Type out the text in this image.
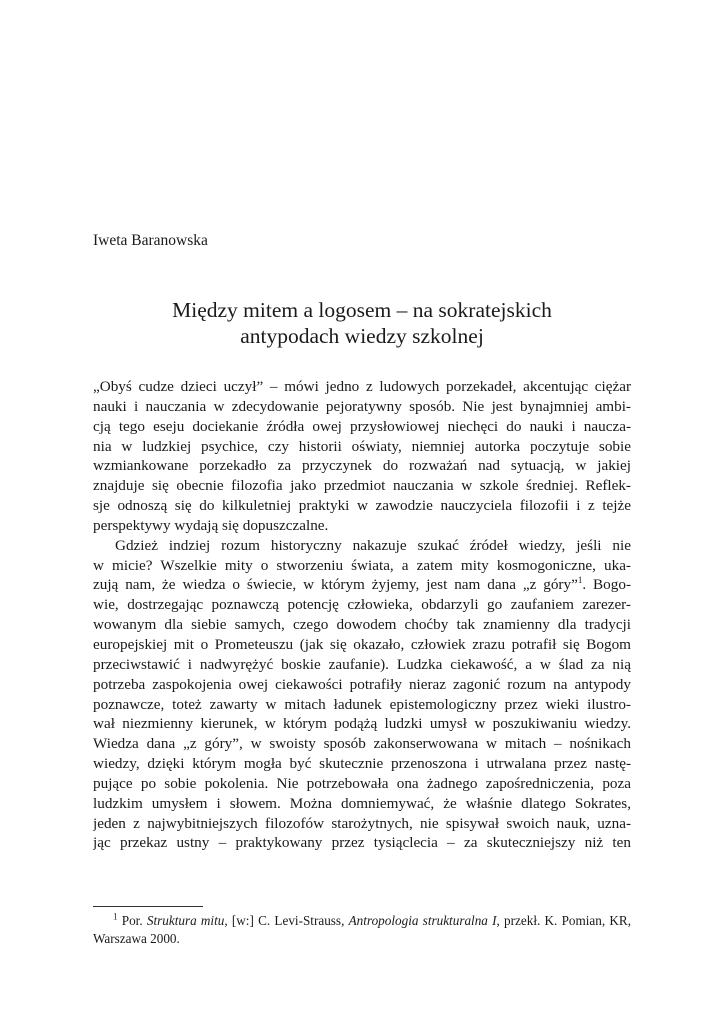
Iweta Baranowska

Między mitem a logosem – na sokratejskich
antypodach wiedzy szkolnej
„Obyś cudze dzieci uczył” – mówi jedno z ludowych porzekadeł, akcentując ciężar
nauki i nauczania w zdecydowanie pejoratywny sposób. Nie jest bynajmniej ambi-
cją tego eseju dociekanie źródła owej przysłowiowej niechęci do nauki i naucza-
nia w ludzkiej psychice, czy historii oświaty, niemniej autorka poczytuje sobie
wzmiankowane porzekadło za przyczynek do rozważań nad sytuacją, w jakiej
znajduje się obecnie filozofia jako przedmiot nauczania w szkole średniej. Reflek-
sje odnoszą się do kilkuletniej praktyki w zawodzie nauczyciela filozofii i z tejże
perspektywy wydają się dopuszczalne.
Gdzież indziej rozum historyczny nakazuje szukać źródeł wiedzy, jeśli nie
w micie? Wszelkie mity o stworzeniu świata, a zatem mity kosmogoniczne, uka-
zują nam, że wiedza o świecie, w którym żyjemy, jest nam dana „z góry”$^1$. Bogo-
wie, dostrzegając poznawczą potencję człowieka, obdarzyli go zaufaniem zarezer-
wowanym dla siebie samych, czego dowodem choćby tak znamienny dla tradycji
europejskiej mit o Prometeuszu (jak się okazało, człowiek zrazu potrafił się Bogom
przeciwstawić i nadwyrężyć boskie zaufanie). Ludzka ciekawość, a w ślad za nią
potrzeba zaspokojenia owej ciekawości potrafiły nieraz zagonić rozum na antypody
poznawcze, toteż zawarty w mitach ładunek epistemologiczny przez wieki ilustro-
wał niezmienny kierunek, w którym podążą ludzki umysł w poszukiwaniu wiedzy.
Wiedza dana „z góry”, w swoisty sposób zakonserwowana w mitach – nośnikach
wiedzy, dzięki którym mogła być skutecznie przenoszona i utrwalana przez nastę-
pujące po sobie pokolenia. Nie potrzebowała ona żadnego zapośredniczenia, poza
ludzkim umysłem i słowem. Można domniemywać, że właśnie dlatego Sokrates,
jeden z najwybitniejszych filozofów starożytnych, nie spisywał swoich nauk, uzna-
jąc przekaz ustny – praktykowany przez tysiąclecia – za skuteczniejszy niż ten
$^1$ Por. Struktura mitu, [w:] C. Levi-Strauss, Antropologia strukturalna I, przekł. K. Pomian, KR,
Warszawa 2000.
